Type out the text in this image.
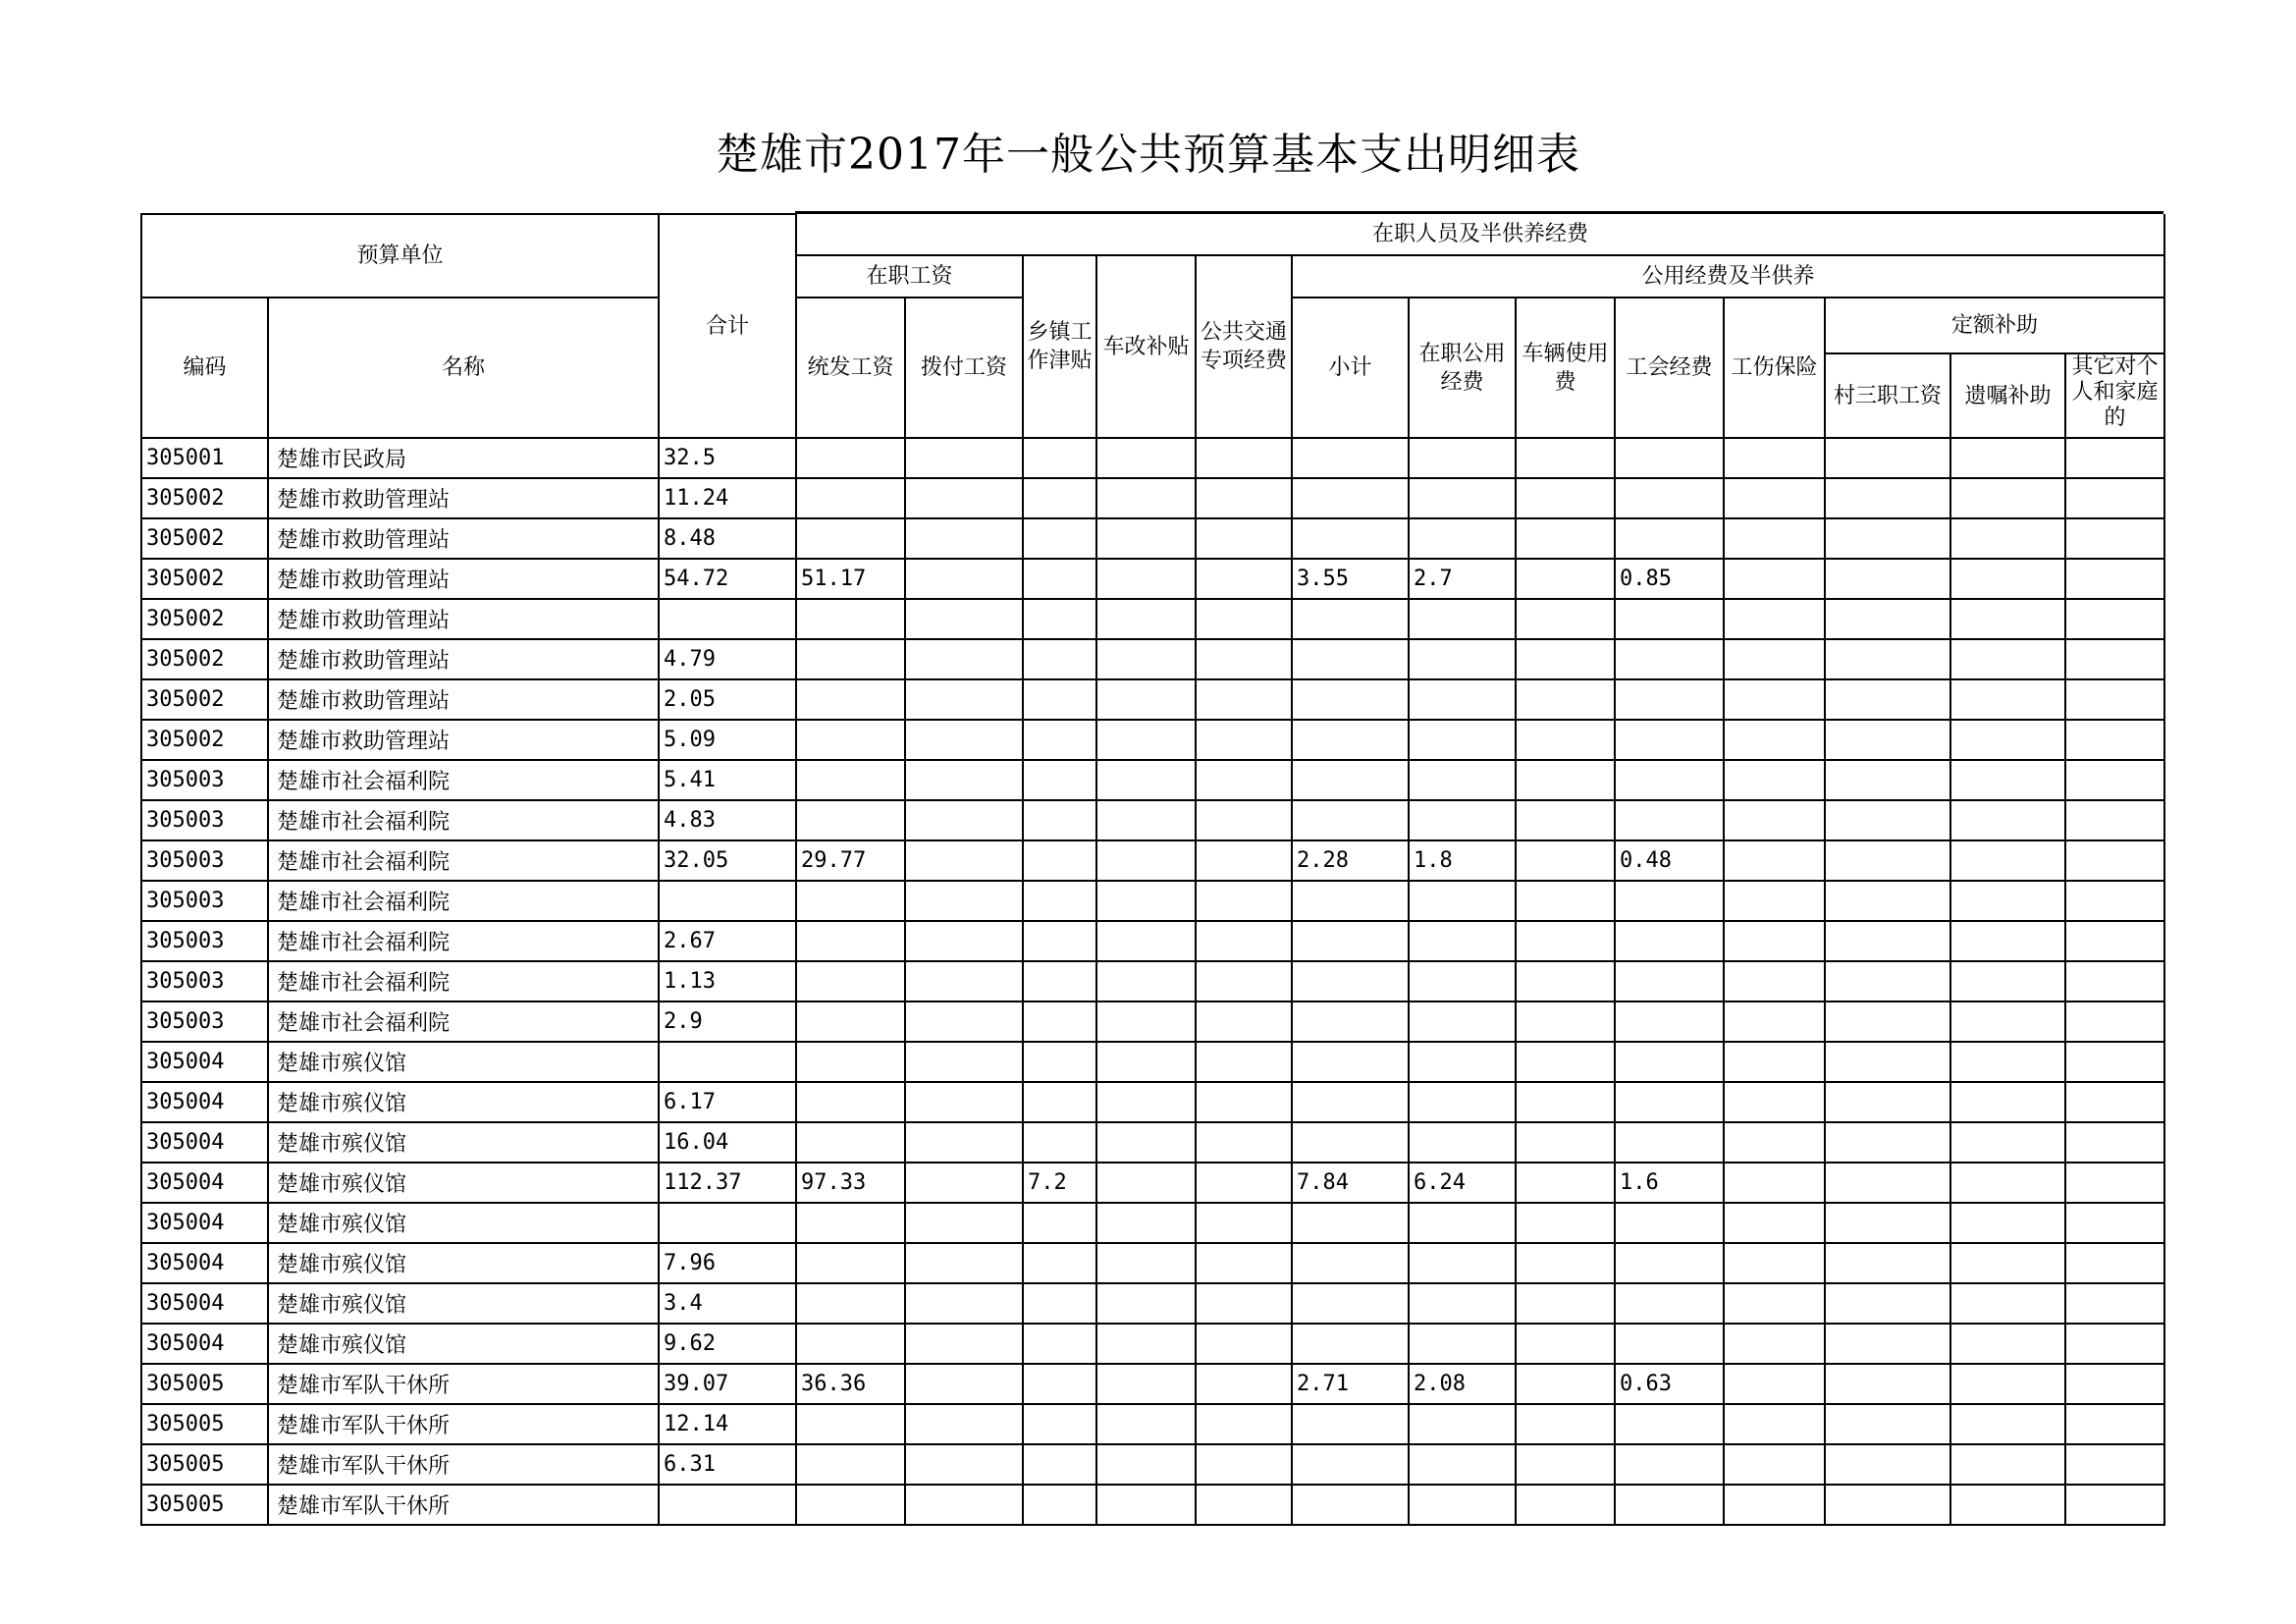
楚雄市2017年一般公共预算基本支出明细表
预算单位		合计	在职人员及半供养经费												
			在职工资		乡镇工作津贴	车改补贴	公共交通专项经费	公用经费及半供养							
编码	名称		统发工资	拨付工资				小计	在职公用经费	车辆使用费	工会经费	工伤保险	定额补助		
													村三职工资	遗嘱补助	其它对个人和家庭的
305001	楚雄市民政局	32.5													
305002	楚雄市救助管理站	11.24													
305002	楚雄市救助管理站	8.48													
305002	楚雄市救助管理站	54.72	51.17					3.55	2.7		0.85				
305002	楚雄市救助管理站														
305002	楚雄市救助管理站	4.79													
305002	楚雄市救助管理站	2.05													
305002	楚雄市救助管理站	5.09													
305003	楚雄市社会福利院	5.41													
305003	楚雄市社会福利院	4.83													
305003	楚雄市社会福利院	32.05	29.77					2.28	1.8		0.48				
305003	楚雄市社会福利院														
305003	楚雄市社会福利院	2.67													
305003	楚雄市社会福利院	1.13													
305003	楚雄市社会福利院	2.9													
305004	楚雄市殡仪馆														
305004	楚雄市殡仪馆	6.17													
305004	楚雄市殡仪馆	16.04													
305004	楚雄市殡仪馆	112.37	97.33		7.2			7.84	6.24		1.6				
305004	楚雄市殡仪馆														
305004	楚雄市殡仪馆	7.96													
305004	楚雄市殡仪馆	3.4													
305004	楚雄市殡仪馆	9.62													
305005	楚雄市军队干休所	39.07	36.36					2.71	2.08		0.63				
305005	楚雄市军队干休所	12.14													
305005	楚雄市军队干休所	6.31													
305005	楚雄市军队干休所														
